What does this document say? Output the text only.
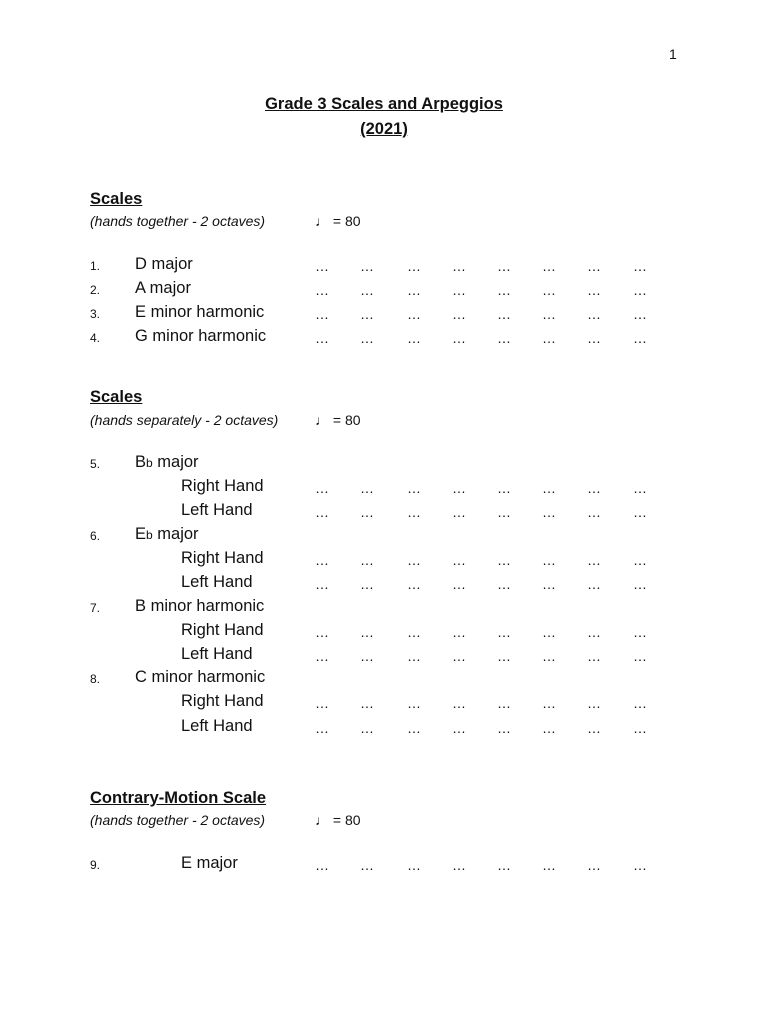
1
Grade 3 Scales and Arpeggios
(2021)
Scales
(hands together - 2 octaves)	♩ = 80
1. D major	… … … … … … … …
2. A major	… … … … … … … …
3. E minor harmonic	… … … … … … … …
4. G minor harmonic	… … … … … … … …
Scales
(hands separately - 2 octaves)	♩ = 80
5. Bb major
Right Hand	… … … … … … … …
Left Hand	… … … … … … … …
6. Eb major
Right Hand	… … … … … … … …
Left Hand	… … … … … … … …
7. B minor harmonic
Right Hand	… … … … … … … …
Left Hand	… … … … … … … …
8. C minor harmonic
Right Hand	… … … … … … … …
Left Hand	… … … … … … … …
Contrary-Motion Scale
(hands together - 2 octaves)	♩ = 80
9.	E major	… … … … … … … …
